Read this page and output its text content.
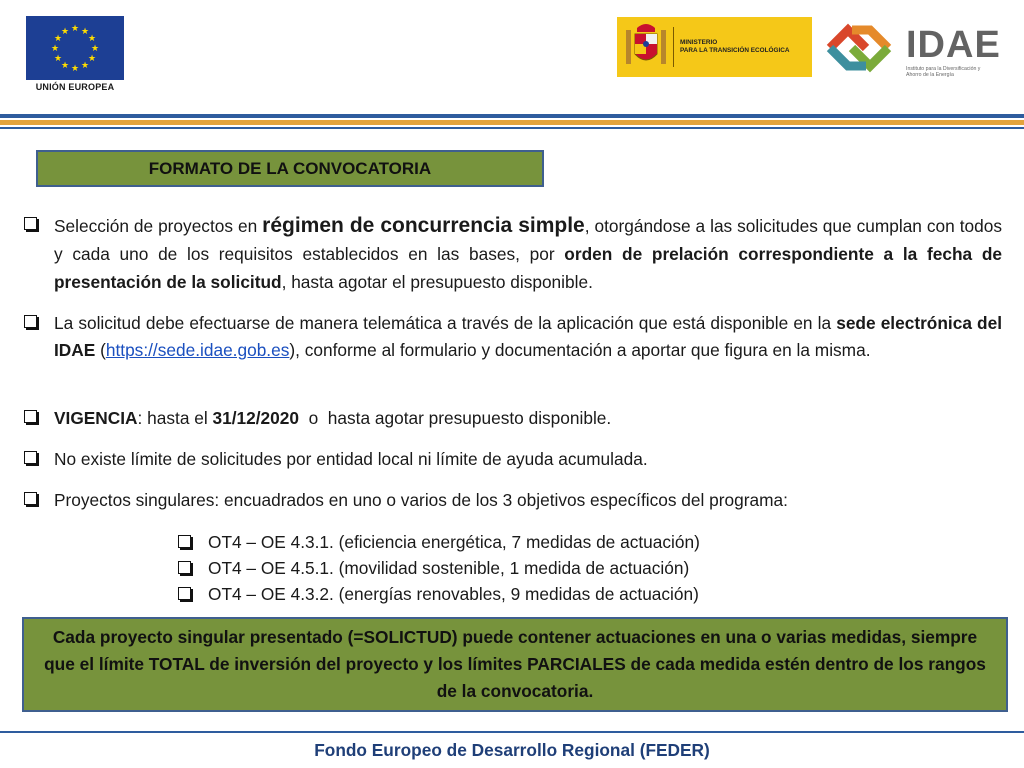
★ ★
★
★
★
★
★
★
★
★
★
★
UNIÓN EUROPEA
MINISTERIO
PARA LA TRANSICIÓN ECOLÓGICA	IDAE
Instituto para la Diversificación y Ahorro de la Energía
FORMATO DE LA CONVOCATORIA
Selección de proyectos en régimen de concurrencia simple, otorgándose a las solicitudes que cumplan con todos y cada uno de los requisitos establecidos en las bases, por orden de prelación correspondiente a la fecha de presentación de la solicitud, hasta agotar el presupuesto disponible.
La solicitud debe efectuarse de manera telemática a través de la aplicación que está disponible en la sede electrónica del IDAE (https://sede.idae.gob.es), conforme al formulario y documentación a aportar que figura en la misma.
VIGENCIA: hasta el 31/12/2020  o  hasta agotar presupuesto disponible.
No existe límite de solicitudes por entidad local ni límite de ayuda acumulada.
Proyectos singulares: encuadrados en uno o varios de los 3 objetivos específicos del programa:
OT4 – OE 4.3.1. (eficiencia energética, 7 medidas de actuación)
OT4 – OE 4.5.1. (movilidad sostenible, 1 medida de actuación)
OT4 – OE 4.3.2. (energías renovables, 9 medidas de actuación)
Cada proyecto singular presentado (=SOLICTUD) puede contener actuaciones en una o varias medidas, siempre que el límite TOTAL de inversión del proyecto y los límites PARCIALES de cada medida estén dentro de los rangos de la convocatoria.
Fondo Europeo de Desarrollo Regional (FEDER)
